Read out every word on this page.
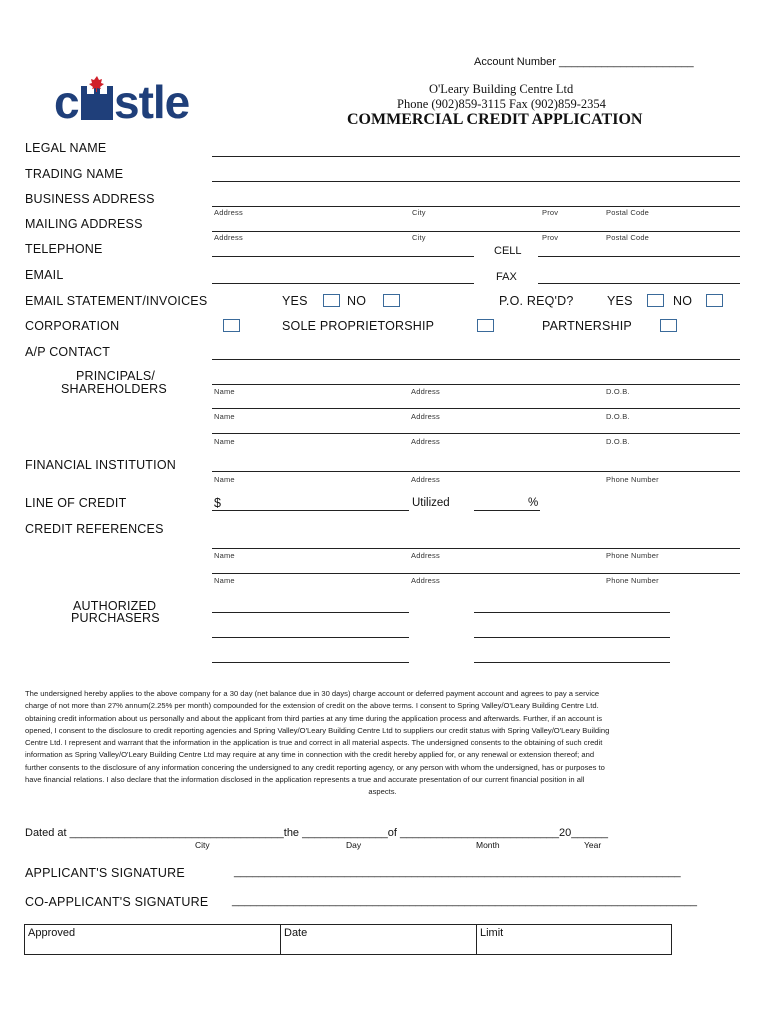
Account Number ______________________
c stle	O'Leary Building Centre Ltd
Phone (902)859-3115 Fax (902)859-2354
COMMERCIAL CREDIT APPLICATION
LEGAL NAME
TRADING NAME
BUSINESS ADDRESS
Address	City	Prov	Postal Code
MAILING ADDRESS
Address	City	Prov	Postal Code
TELEPHONE	CELL
EMAIL	FAX
EMAIL STATEMENT/INVOICES	YES	NO	P.O. REQ'D?	YES	NO
CORPORATION	SOLE PROPRIETORSHIP	PARTNERSHIP
A/P CONTACT
PRINCIPALS/
SHAREHOLDERS	Name	Address	D.O.B.
Name	Address	D.O.B.
Name	Address	D.O.B.
FINANCIAL INSTITUTION
Name	Address	Phone Number
LINE OF CREDIT	$	Utilized	%
CREDIT REFERENCES
Name	Address	Phone Number
Name	Address	Phone Number
AUTHORIZED
PURCHASERS
The undersigned hereby applies to the above company for a 30 day (net balance due in 30 days) charge account or deferred payment account and agrees to pay a service
charge of not more than 27% annum(2.25% per month) compounded for the extension of credit on the above terms. I consent to Spring Valley/O'Leary Building Centre Ltd.
obtaining credit information about us personally and about the applicant from third parties at any time during the application process and afterwards. Further, if an account is
opened, I consent to the disclosure to credit reporting agencies and Spring Valley/O'Leary Building Centre Ltd to suppliers our credit status with Spring Valley/O'Leary Building
Centre Ltd. I represent and warrant that the information in the application is true and correct in all material aspects. The undersigned consents to the obtaining of such credit
information as Spring Valley/O'Leary Building Centre Ltd may require at any time in connection with the credit hereby applied for, or any renewal or extension thereof; and
further consents to the disclosure of any information concering the undersigned to any credit reporting agency, or any person with whom the undersigned, has or purposes to
have financial relations. I also declare that the information disclosed in the application represents a true and accurate presentation of our current financial position in all
aspects.
Dated at ___________________________________the ______________of __________________________20______
City	Day	Month	Year
APPLICANT'S SIGNATURE	_________________________________________________________________________
CO-APPLICANT'S SIGNATURE ____________________________________________________________________________
Approved	Date	Limit
